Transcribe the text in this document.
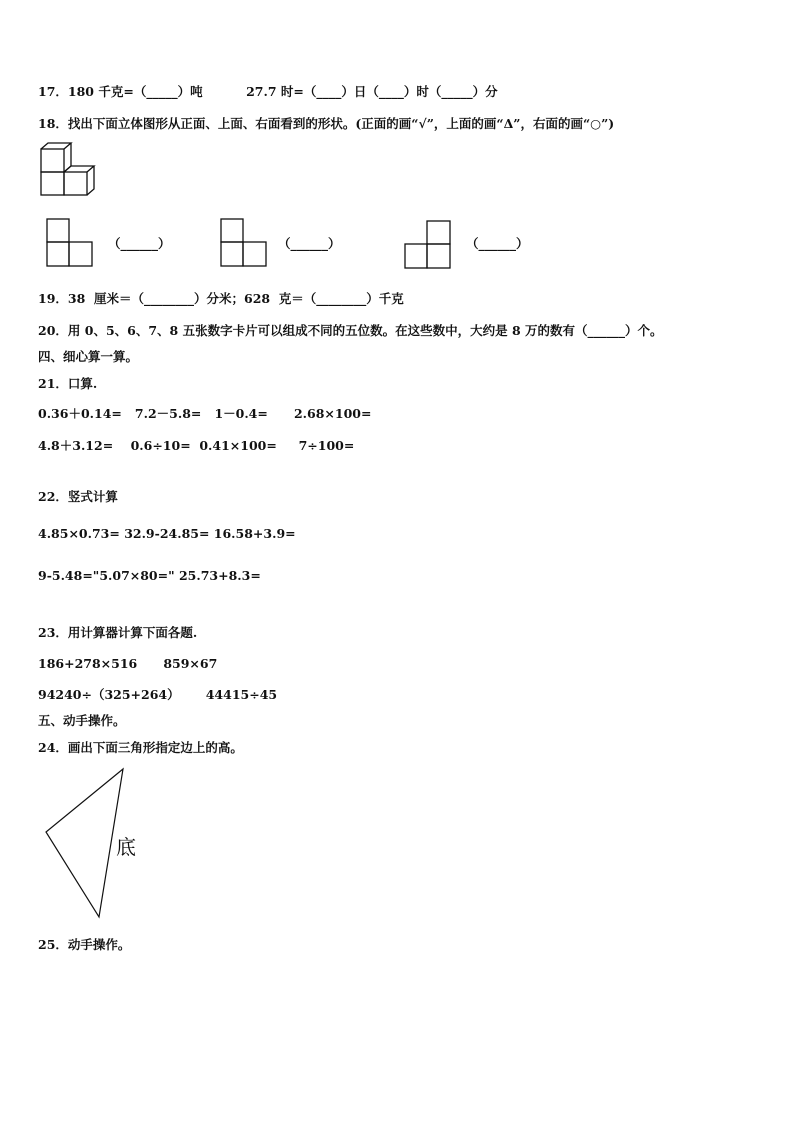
17．180 千克=（_____）吨          27.7 时=（____）日（____）时（_____）分
18．找出下面立体图形从正面、上面、右面看到的形状。(正面的画“√”，上面的画“Δ”，右面的画“○”)
（______）	（______）	（______）
19．38  厘米＝（________）分米；628  克＝（________）千克
20．用 0、5、6、7、8 五张数字卡片可以组成不同的五位数。在这些数中，大约是 8 万的数有（______）个。
四、细心算一算。
21．口算.
0.36＋0.14=   7.2－5.8=   1－0.4=      2.68×100=
4.8＋3.12=    0.6÷10=  0.41×100=     7÷100=
22．竖式计算
4.85×0.73= 32.9-24.85= 16.58+3.9=
9-5.48="5.07×80=" 25.73+8.3=
23．用计算器计算下面各题.
186+278×516      859×67
94240÷（325+264）      44415÷45
五、动手操作。
24．画出下面三角形指定边上的高。
底
25．动手操作。
